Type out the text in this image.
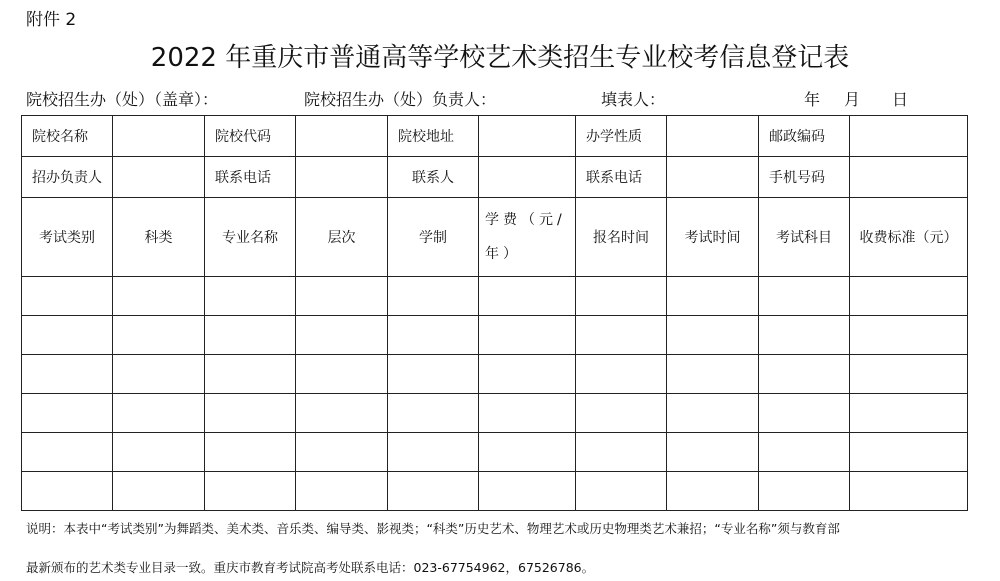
附件 2
2022 年重庆市普通高等学校艺术类招生专业校考信息登记表
院校招生办（处）（盖章）：	院校招生办（处）负责人：	填表人：	年 月 日
院校名称		院校代码		院校地址		办学性质		邮政编码	
招办负责人		联系电话		联系人		联系电话		手机号码	
考试类别	科类	专业名称	层次	学制	学费（元/年）	报名时间	考试时间	考试科目	收费标准（元）

说明：本表中“考试类别”为舞蹈类、美术类、音乐类、编导类、影视类；“科类”历史艺术、物理艺术或历史物理类艺术兼招；“专业名称”须与教育部
最新颁布的艺术类专业目录一致。重庆市教育考试院高考处联系电话：023-67754962，67526786。
